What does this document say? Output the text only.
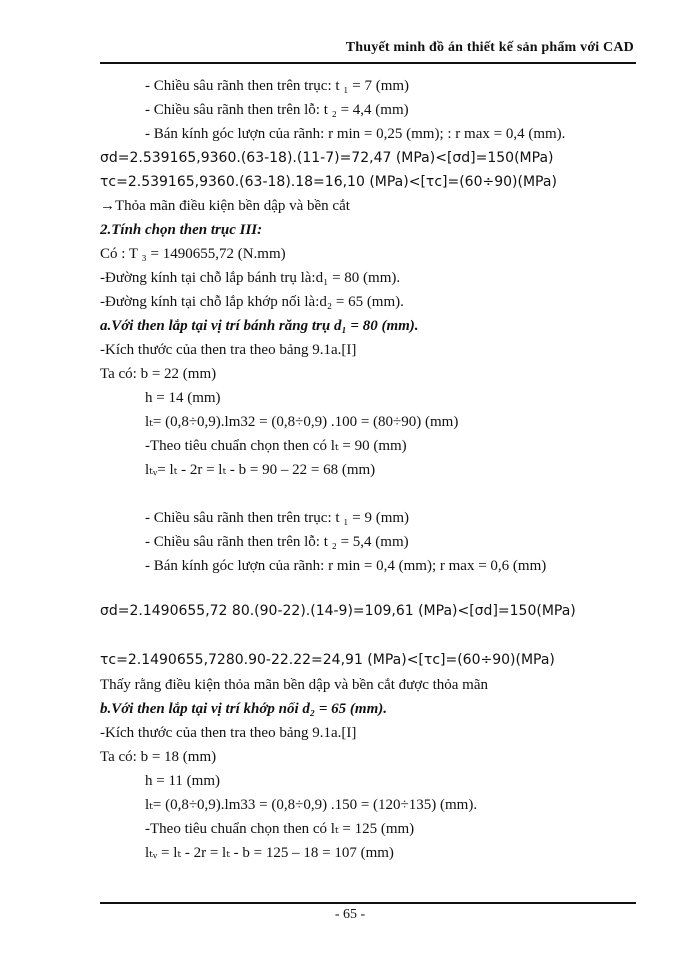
Thuyết minh đồ án thiết kế sản phẩm với CAD
- Chiều sâu rãnh then trên trục: t ₁ = 7 (mm)
- Chiều sâu rãnh then trên lỗ: t ₂ = 4,4 (mm)
- Bán kính góc lượn của rãnh: r min = 0,25 (mm); : r max = 0,4 (mm).
σd=2.539165,9360.(63-18).(11-7)=72,47 (MPa)<[σd]=150(MPa)
τc=2.539165,9360.(63-18).18=16,10 (MPa)<[τc]=(60÷90)(MPa)
→Thỏa mãn điều kiện bền dập và bền cắt
2.Tính chọn then trục III:
Có : T ₃ = 1490655,72 (N.mm)
-Đường kính tại chỗ lắp bánh trụ là:d₁ = 80 (mm).
-Đường kính tại chỗ lắp khớp nối là:d₂ = 65 (mm).
a.Với then lắp tại vị trí bánh răng trụ d₁ = 80 (mm).
-Kích thước của then tra theo bảng 9.1a.[I]
Ta có: b = 22 (mm)
h = 14 (mm)
lₜ= (0,8÷0,9).lm32 = (0,8÷0,9) .100 = (80÷90) (mm)
-Theo tiêu chuẩn chọn then có lₜ = 90 (mm)
lₜᵥ= lₜ - 2r = lₜ - b = 90 – 22 = 68 (mm)
- Chiều sâu rãnh then trên trục: t ₁ = 9 (mm)
- Chiều sâu rãnh then trên lỗ: t ₂ = 5,4 (mm)
- Bán kính góc lượn của rãnh: r min = 0,4 (mm); r max = 0,6 (mm)
σd=2.1490655,72 80.(90-22).(14-9)=109,61 (MPa)<[σd]=150(MPa)
τc=2.1490655,7280.90-22.22=24,91 (MPa)<[τc]=(60÷90)(MPa)
Thấy rằng điều kiện thỏa mãn bền dập và bền cắt được thỏa mãn
b.Với then lắp tại vị trí khớp nối d₂ = 65 (mm).
-Kích thước của then tra theo bảng 9.1a.[I]
Ta có: b = 18 (mm)
h = 11 (mm)
lₜ= (0,8÷0,9).lm33 = (0,8÷0,9) .150 = (120÷135) (mm).
-Theo tiêu chuẩn chọn then có lₜ = 125 (mm)
lₜᵥ = lₜ - 2r = lₜ - b = 125 – 18 = 107 (mm)
- 65 -
